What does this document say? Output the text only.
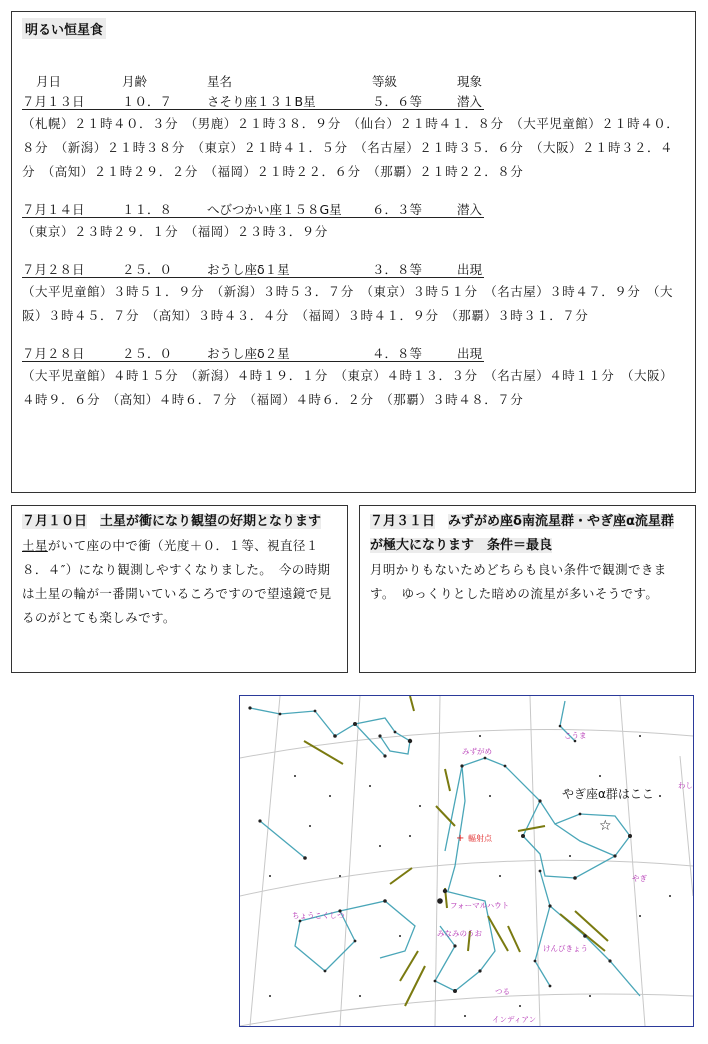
明るい恒星食
月日	月齢	星名	等級	現象
７月１３日	１０．７	さそり座１３１B星	５．６等	潜入

（札幌）２１時４０．３分　（男鹿）２１時３８．９分　（仙台）２１時４１．８分　（大平児童館）２１時４０．８分　（新潟）２１時３８分　（東京）２１時４１．５分　（名古屋）２１時３５．６分　（大阪）２１時３２．４分　（高知）２１時２９．２分　（福岡）２１時２２．６分　（那覇）２１時２２．８分

７月１４日	１１．８	へびつかい座１５８G星 ６．３等	潜入

（東京）２３時２９．１分　（福岡）２３時３．９分

７月２８日	２５．０	おうし座δ１星	３．８等	出現

（大平児童館）３時５１．９分　（新潟）３時５３．７分　（東京）３時５１分　（名古屋）３時４７．９分　（大阪）３時４５．７分　（高知）３時４３．４分　（福岡）３時４１．９分　（那覇）３時３１．７分

７月２８日	２５．０	おうし座δ２星	４．８等	出現

（大平児童館）４時１５分　（新潟）４時１９．１分　（東京）４時１３．３分　（名古屋）４時１１分　（大阪）４時９．６分　（高知）４時６．７分　（福岡）４時６．２分　（那覇）３時４８．７分

７月１０日　 土星が衝になり観望の好期となります

土星がいて座の中で衝（光度＋０．１等、視直径１８．４″）になり観測しやすくなりました。　今の時期は土星の輪が一番開いているころですので望遠鏡で見るのがとても楽しみです。

７月３１日　 みずがめ座δ南流星群・やぎ座α流星群が極大になります　条件＝最良

月明かりもないためどちらも良い条件で観測できます。　ゆっくりとした暗めの流星が多いそうです。

こうま
みずがめ
わし
やぎ
フォーマルハウト
みなみのうお
けんびきょう
ちょうこくしつ
つる
インディアン
+ 輻射点
やぎ座α群はここ
☆
